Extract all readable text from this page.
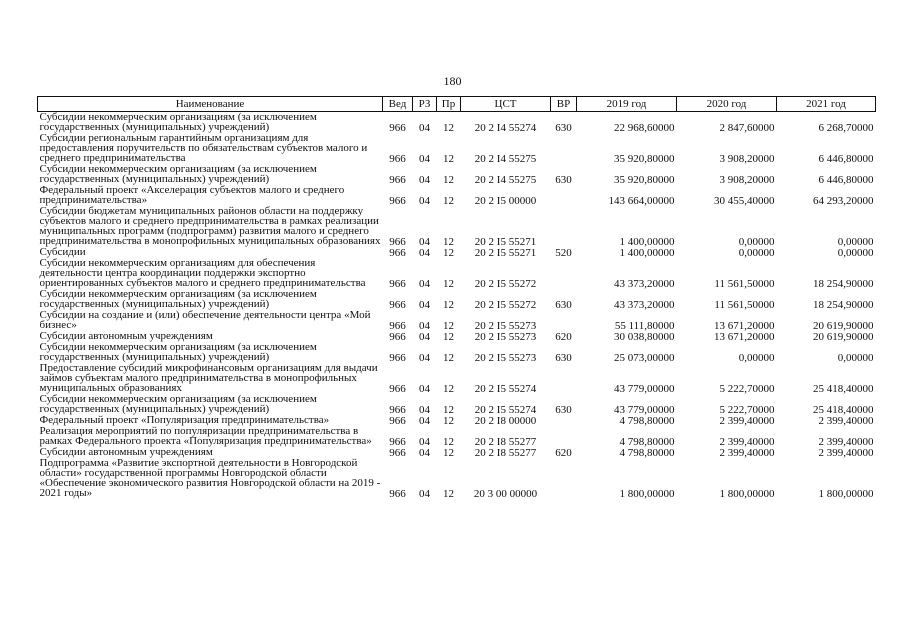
180
Наименование	Вед	РЗ	Пр	ЦСТ	ВР	2019 год	2020 год	2021 год
Субсидии некоммерческим организациям (за исключением государственных (муниципальных) учреждений)	966	04	12	20 2 I4 55274	630	22 968,60000	2 847,60000	6 268,70000
Субсидии региональным гарантийным организациям для предоставления поручительств по обязательствам субъектов малого и среднего предпринимательства	966	04	12	20 2 I4 55275		35 920,80000	3 908,20000	6 446,80000
Субсидии некоммерческим организациям (за исключением государственных (муниципальных) учреждений)	966	04	12	20 2 I4 55275	630	35 920,80000	3 908,20000	6 446,80000
Федеральный проект «Акселерация субъектов малого и среднего предпринимательства»	966	04	12	20 2 I5 00000		143 664,00000	30 455,40000	64 293,20000
Субсидии бюджетам муниципальных районов области на поддержку субъектов малого и среднего предпринимательства в рамках реализации муниципальных программ (подпрограмм) развития малого и среднего предпринимательства в монопрофильных муниципальных образованиях	966	04	12	20 2 I5 55271		1 400,00000	0,00000	0,00000
Субсидии	966	04	12	20 2 I5 55271	520	1 400,00000	0,00000	0,00000
Субсидии некоммерческим организациям для обеспечения деятельности центра координации поддержки экспортно ориентированных субъектов малого и среднего предпринимательства	966	04	12	20 2 I5 55272		43 373,20000	11 561,50000	18 254,90000
Субсидии некоммерческим организациям (за исключением государственных (муниципальных) учреждений)	966	04	12	20 2 I5 55272	630	43 373,20000	11 561,50000	18 254,90000
Субсидии на создание и (или) обеспечение деятельности центра «Мой бизнес»	966	04	12	20 2 I5 55273		55 111,80000	13 671,20000	20 619,90000
Субсидии автономным учреждениям	966	04	12	20 2 I5 55273	620	30 038,80000	13 671,20000	20 619,90000
Субсидии некоммерческим организациям (за исключением государственных (муниципальных) учреждений)	966	04	12	20 2 I5 55273	630	25 073,00000	0,00000	0,00000
Предоставление субсидий микрофинансовым организациям для выдачи займов субъектам малого предпринимательства в монопрофильных муниципальных образованиях	966	04	12	20 2 I5 55274		43 779,00000	5 222,70000	25 418,40000
Субсидии некоммерческим организациям (за исключением государственных (муниципальных) учреждений)	966	04	12	20 2 I5 55274	630	43 779,00000	5 222,70000	25 418,40000
Федеральный проект «Популяризация предпринимательства»	966	04	12	20 2 I8 00000		4 798,80000	2 399,40000	2 399,40000
Реализация мероприятий по популяризации предпринимательства в рамках Федерального проекта «Популяризация предпринимательства»	966	04	12	20 2 I8 55277		4 798,80000	2 399,40000	2 399,40000
Субсидии автономным учреждениям	966	04	12	20 2 I8 55277	620	4 798,80000	2 399,40000	2 399,40000
Подпрограмма «Развитие экспортной деятельности в Новгородской области» государственной программы Новгородской области «Обеспечение экономического развития Новгородской области на 2019 - 2021 годы»	966	04	12	20 3 00 00000		1 800,00000	1 800,00000	1 800,00000
